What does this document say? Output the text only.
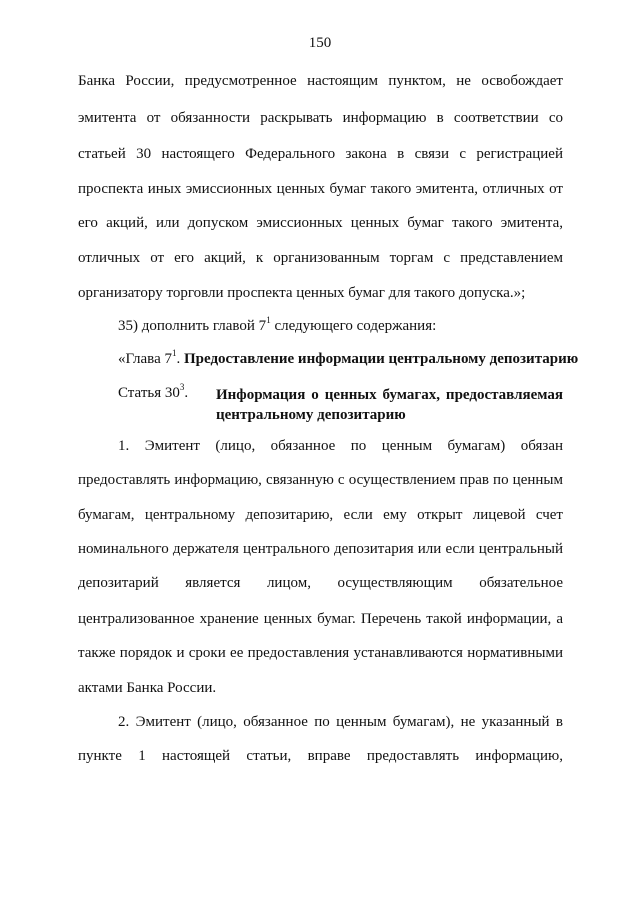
150
Банка России, предусмотренное настоящим пунктом, не освобождает
эмитента от обязанности раскрывать информацию в соответствии со
статьей 30 настоящего Федерального закона в связи с регистрацией
проспекта иных эмиссионных ценных бумаг такого эмитента, отличных от
его акций, или допуском эмиссионных ценных бумаг такого эмитента,
отличных от его акций, к организованным торгам с представлением
организатору торговли проспекта ценных бумаг для такого допуска.»;
35) дополнить главой $7^1$ следующего содержания:
«Глава $7^1$. Предоставление информации центральному депозитарию
Статья $30^3$. Информация о ценных бумагах, предоставляемая
центральному депозитарию
1. Эмитент (лицо, обязанное по ценным бумагам) обязан
предоставлять информацию, связанную с осуществлением прав по ценным
бумагам, центральному депозитарию, если ему открыт лицевой счет
номинального держателя центрального депозитария или если центральный
депозитарий является лицом, осуществляющим обязательное
централизованное хранение ценных бумаг. Перечень такой информации, а
также порядок и сроки ее предоставления устанавливаются нормативными
актами Банка России.
2. Эмитент (лицо, обязанное по ценным бумагам), не указанный в
пункте 1 настоящей статьи, вправе предоставлять информацию,
